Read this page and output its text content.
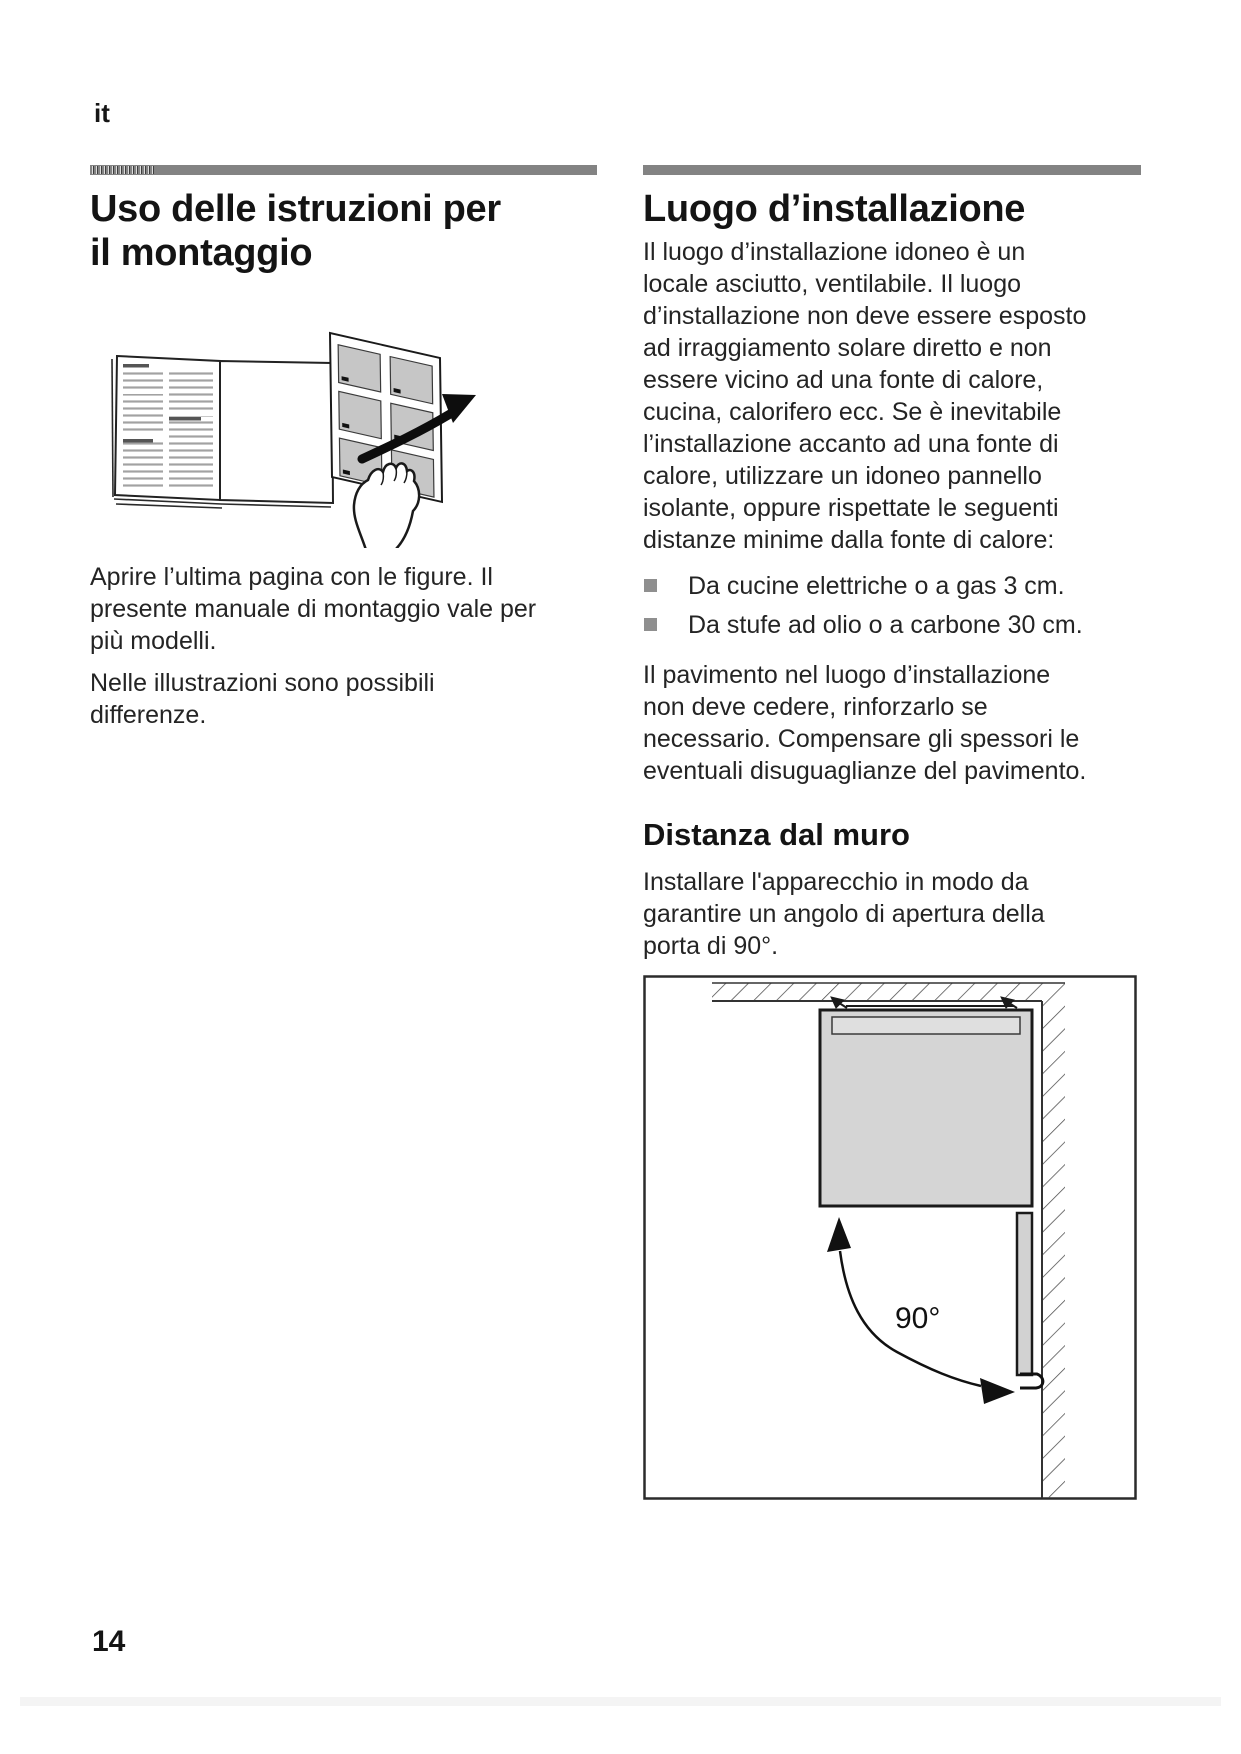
it
Uso delle istruzioni per
il montaggio

Aprire l’ultima pagina con le figure. Il
presente manuale di montaggio vale per
più modelli.

Nelle illustrazioni sono possibili
differenze.

Luogo d’installazione

Il luogo d’installazione idoneo è un
locale asciutto, ventilabile. Il luogo
d’installazione non deve essere esposto
ad irraggiamento solare diretto e non
essere vicino ad una fonte di calore,
cucina, calorifero ecc. Se è inevitabile
l’installazione accanto ad una fonte di
calore, utilizzare un idoneo pannello
isolante, oppure rispettate le seguenti
distanze minime dalla fonte di calore:

Da cucine elettriche o a gas 3 cm.
Da stufe ad olio o a carbone 30 cm.

Il pavimento nel luogo d’installazione
non deve cedere, rinforzarlo se
necessario. Compensare gli spessori le
eventuali disuguaglianze del pavimento.

Distanza dal muro

Installare l'apparecchio in modo da
garantire un angolo di apertura della
porta di 90°.

90°
14
